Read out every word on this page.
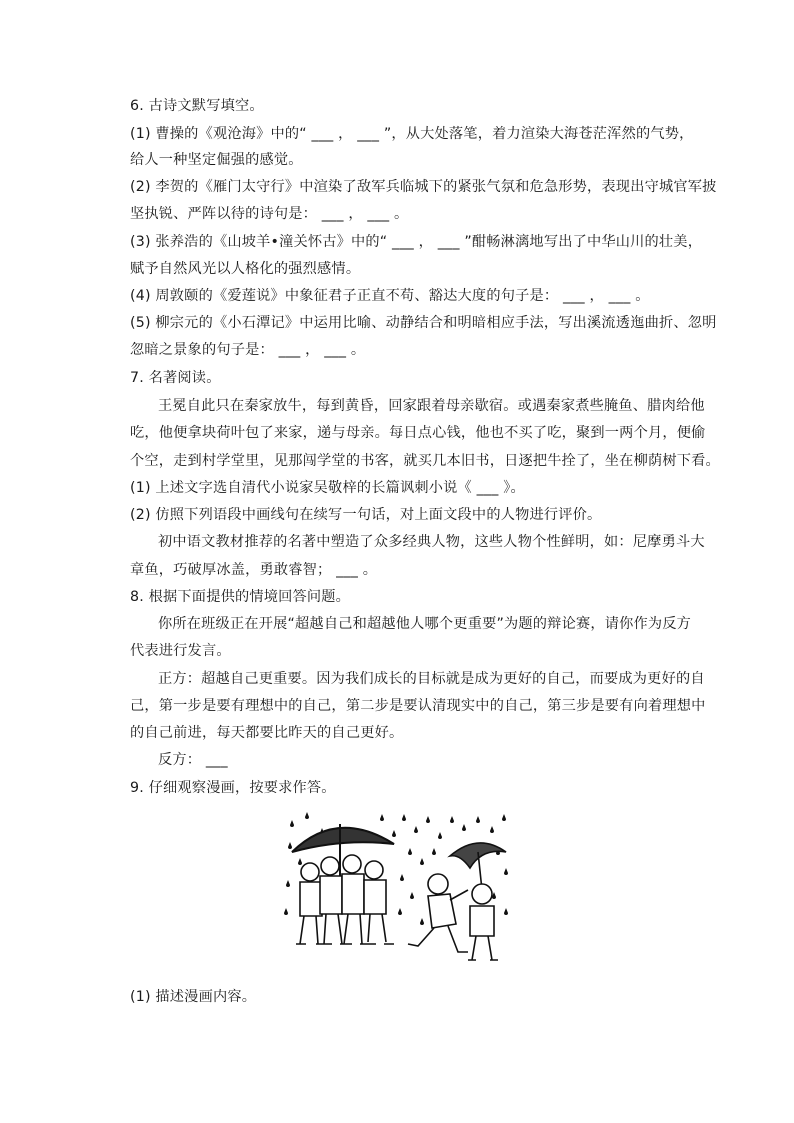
6. 古诗文默写填空。
(1) 曹操的《观沧海》中的“ ___ ， ___ ”，从大处落笔，着力渲染大海苍茫浑然的气势，
给人一种坚定倔强的感觉。
(2) 李贺的《雁门太守行》中渲染了敌军兵临城下的紧张气氛和危急形势，表现出守城官军披
坚执锐、严阵以待的诗句是： ___ ， ___ 。
(3) 张养浩的《山坡羊•潼关怀古》中的“ ___ ， ___ ”酣畅淋漓地写出了中华山川的壮美，
赋予自然风光以人格化的强烈感情。
(4) 周敦颐的《爱莲说》中象征君子正直不苟、豁达大度的句子是： ___ ， ___ 。
(5) 柳宗元的《小石潭记》中运用比喻、动静结合和明暗相应手法，写出溪流透迤曲折、忽明
忽暗之景象的句子是： ___ ， ___ 。
7. 名著阅读。
王冕自此只在秦家放牛，每到黄昏，回家跟着母亲歇宿。或遇秦家煮些腌鱼、腊肉给他
吃，他便拿块荷叶包了来家，递与母亲。每日点心钱，他也不买了吃，聚到一两个月，便偷
个空，走到村学堂里，见那闯学堂的书客，就买几本旧书，日逐把牛拴了，坐在柳荫树下看。
(1) 上述文字选自清代小说家吴敬梓的长篇讽刺小说《 ___ 》。
(2) 仿照下列语段中画线句在续写一句话，对上面文段中的人物进行评价。
初中语文教材推荐的名著中塑造了众多经典人物，这些人物个性鲜明，如：尼摩勇斗大
章鱼，巧破厚冰盖，勇敢睿智； ___ 。
8. 根据下面提供的情境回答问题。
你所在班级正在开展“超越自己和超越他人哪个更重要”为题的辩论赛，请你作为反方
代表进行发言。
正方：超越自己更重要。因为我们成长的目标就是成为更好的自己，而要成为更好的自
己，第一步是要有理想中的自己，第二步是要认清现实中的自己，第三步是要有向着理想中
的自己前进，每天都要比昨天的自己更好。
反方： ___
9. 仔细观察漫画，按要求作答。
(1) 描述漫画内容。
